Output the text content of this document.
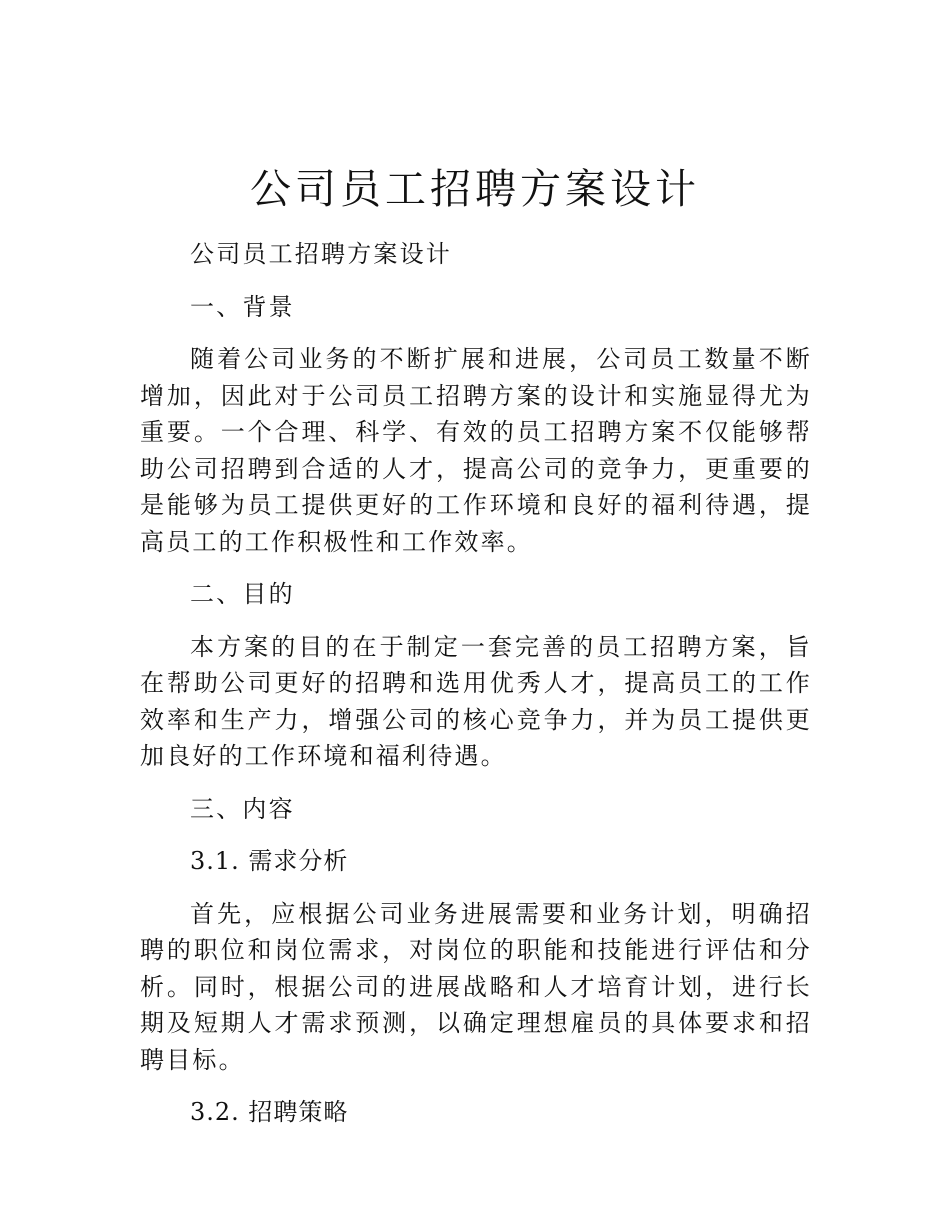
公司员工招聘方案设计

公司员工招聘方案设计

一、背景

随着公司业务的不断扩展和进展，公司员工数量不断增加，因此对于公司员工招聘方案的设计和实施显得尤为重要。一个合理、科学、有效的员工招聘方案不仅能够帮助公司招聘到合适的人才，提高公司的竞争力，更重要的是能够为员工提供更好的工作环境和良好的福利待遇，提高员工的工作积极性和工作效率。

二、目的

本方案的目的在于制定一套完善的员工招聘方案，旨在帮助公司更好的招聘和选用优秀人才，提高员工的工作效率和生产力，增强公司的核心竞争力，并为员工提供更加良好的工作环境和福利待遇。

三、内容

3.1. 需求分析

首先，应根据公司业务进展需要和业务计划，明确招聘的职位和岗位需求，对岗位的职能和技能进行评估和分析。同时，根据公司的进展战略和人才培育计划，进行长期及短期人才需求预测，以确定理想雇员的具体要求和招聘目标。

3.2. 招聘策略
